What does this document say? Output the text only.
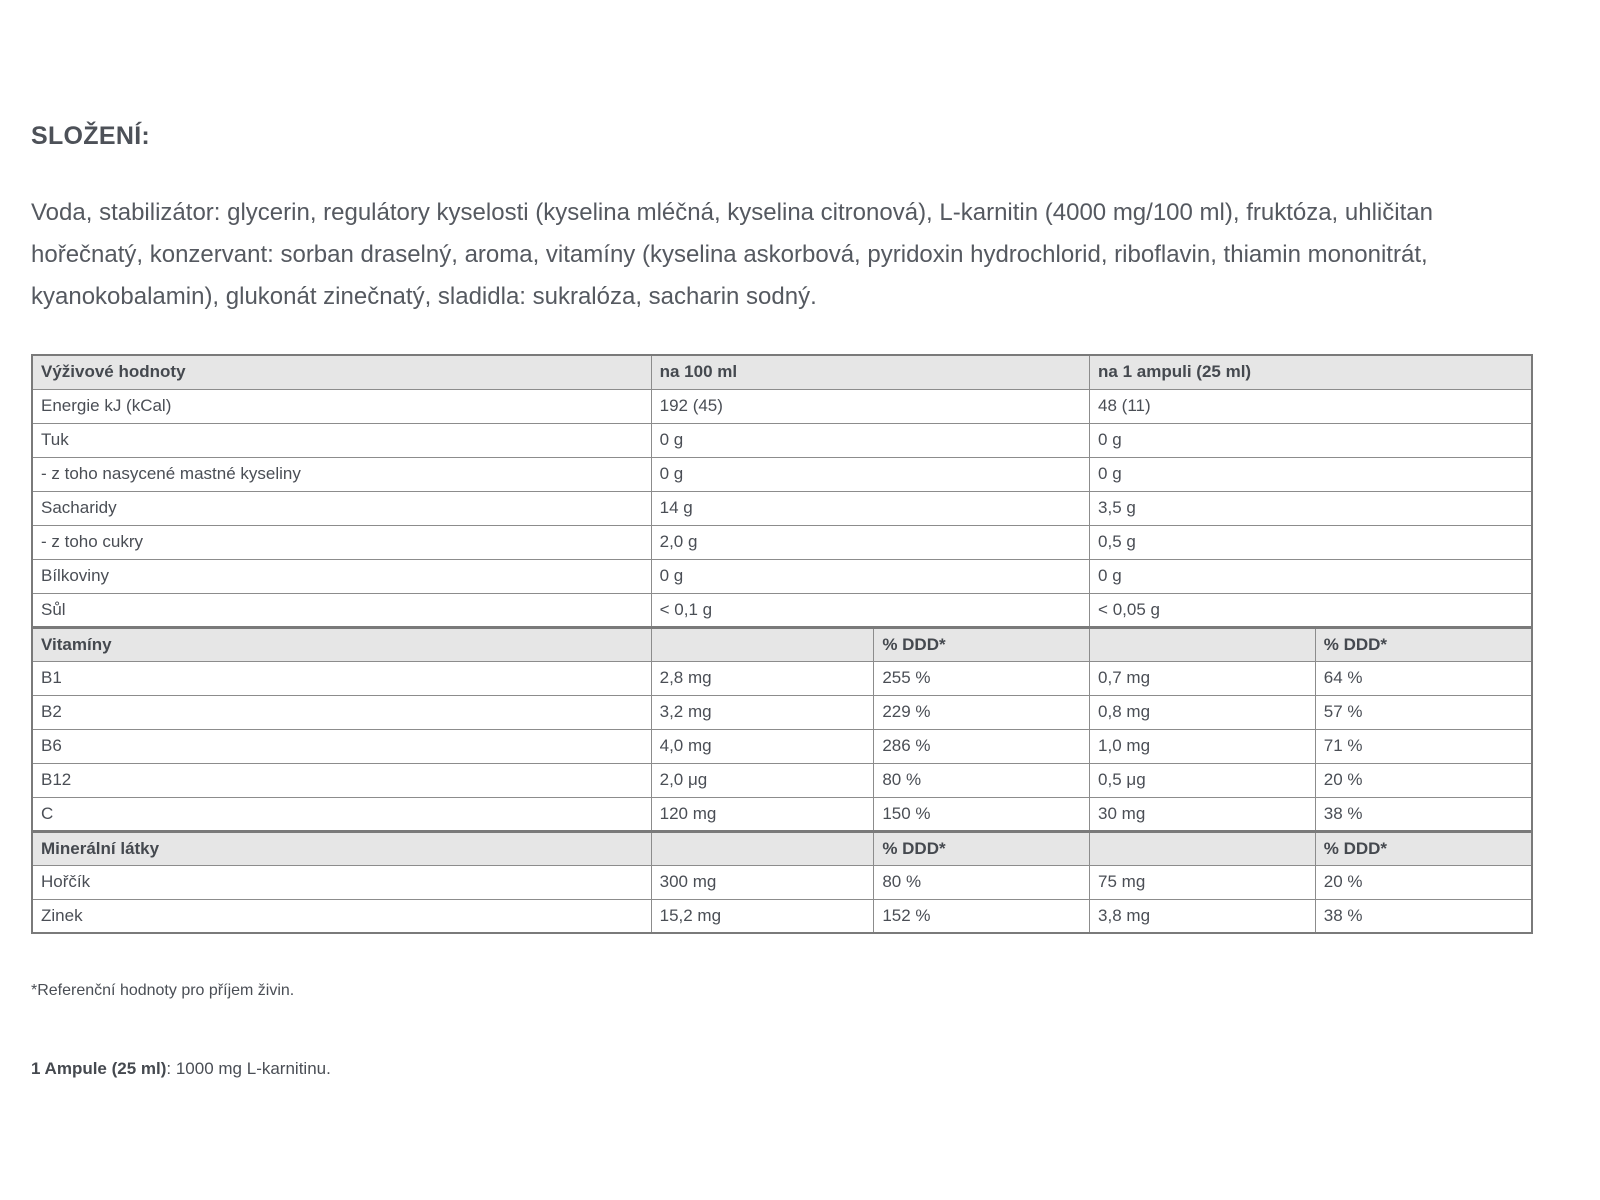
SLOŽENÍ:
Voda, stabilizátor: glycerin, regulátory kyselosti (kyselina mléčná, kyselina citronová), L-karnitin (4000 mg/100 ml), fruktóza, uhličitan hořečnatý, konzervant: sorban draselný, aroma, vitamíny (kyselina askorbová, pyridoxin hydrochlorid, riboflavin, thiamin mononitrát, kyanokobalamin), glukonát zinečnatý, sladidla: sukralóza, sacharin sodný.
Výživové hodnoty	na 100 ml		na 1 ampuli (25 ml)	
Energie kJ (kCal)	192 (45)		48 (11)	
Tuk	0 g		0 g	
- z toho nasycené mastné kyseliny	0 g		0 g	
Sacharidy	14 g		3,5 g	
- z toho cukry	2,0 g		0,5 g	
Bílkoviny	0 g		0 g	
Sůl	< 0,1 g		< 0,05 g	
Vitamíny		% DDD*		% DDD*
B1	2,8 mg	255 %	0,7 mg	64 %
B2	3,2 mg	229 %	0,8 mg	57 %
B6	4,0 mg	286 %	1,0 mg	71 %
B12	2,0 μg	80 %	0,5 μg	20 %
C	120 mg	150 %	30 mg	38 %
Minerální látky		% DDD*		% DDD*
Hořčík	300 mg	80 %	75 mg	20 %
Zinek	15,2 mg	152 %	3,8 mg	38 %
*Referenční hodnoty pro příjem živin.
1 Ampule (25 ml): 1000 mg L-karnitinu.
